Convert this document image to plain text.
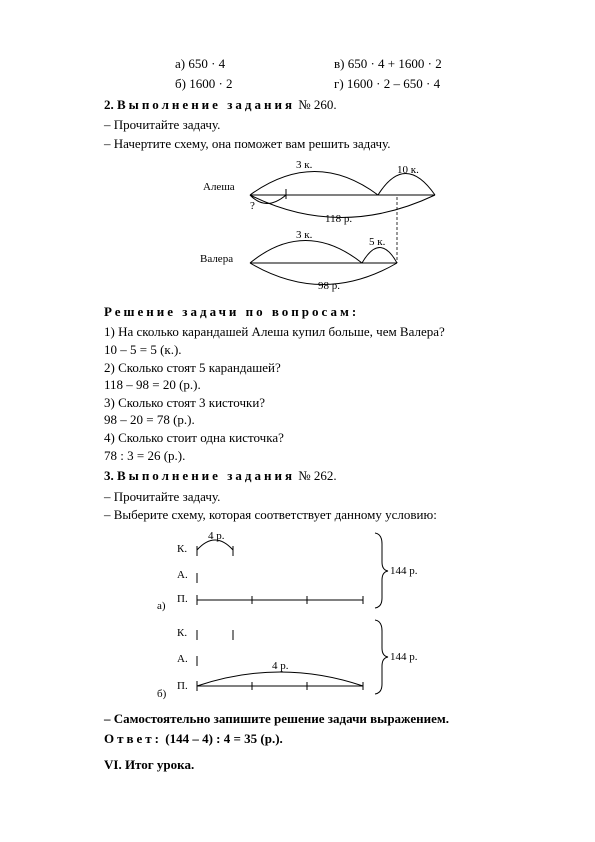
а) 650 · 4	в) 650 · 4 + 1600 · 2
б) 1600 · 2	г) 1600 · 2 – 650 · 4
2. Выполнение задания № 260.
– Прочитайте задачу.
– Начертите схему, она поможет вам решить задачу.
Алеша
3 к.	10 к.
?
118 р.
Валера
3 к.
5 к.
98 р.
Решение задачи по вопросам:
1) На сколько карандашей Алеша купил больше, чем Валера?
10 – 5 = 5 (к.).
2) Сколько стоят 5 карандашей?
118 – 98 = 20 (р.).
3) Сколько стоят 3 кисточки?
98 – 20 = 78 (р.).
4) Сколько стоит одна кисточка?
78 : 3 = 26 (р.).
3. Выполнение задания № 262.
– Прочитайте задачу.
– Выберите схему, которая соответствует данному условию:
К.
А.
П.
а)
4 р.
144 р.
К.
А.
П.
б)
4 р.
144 р.
– Самостоятельно запишите решение задачи выражением.
Ответ: (144 – 4) : 4 = 35 (р.).
VI. Итог урока.
